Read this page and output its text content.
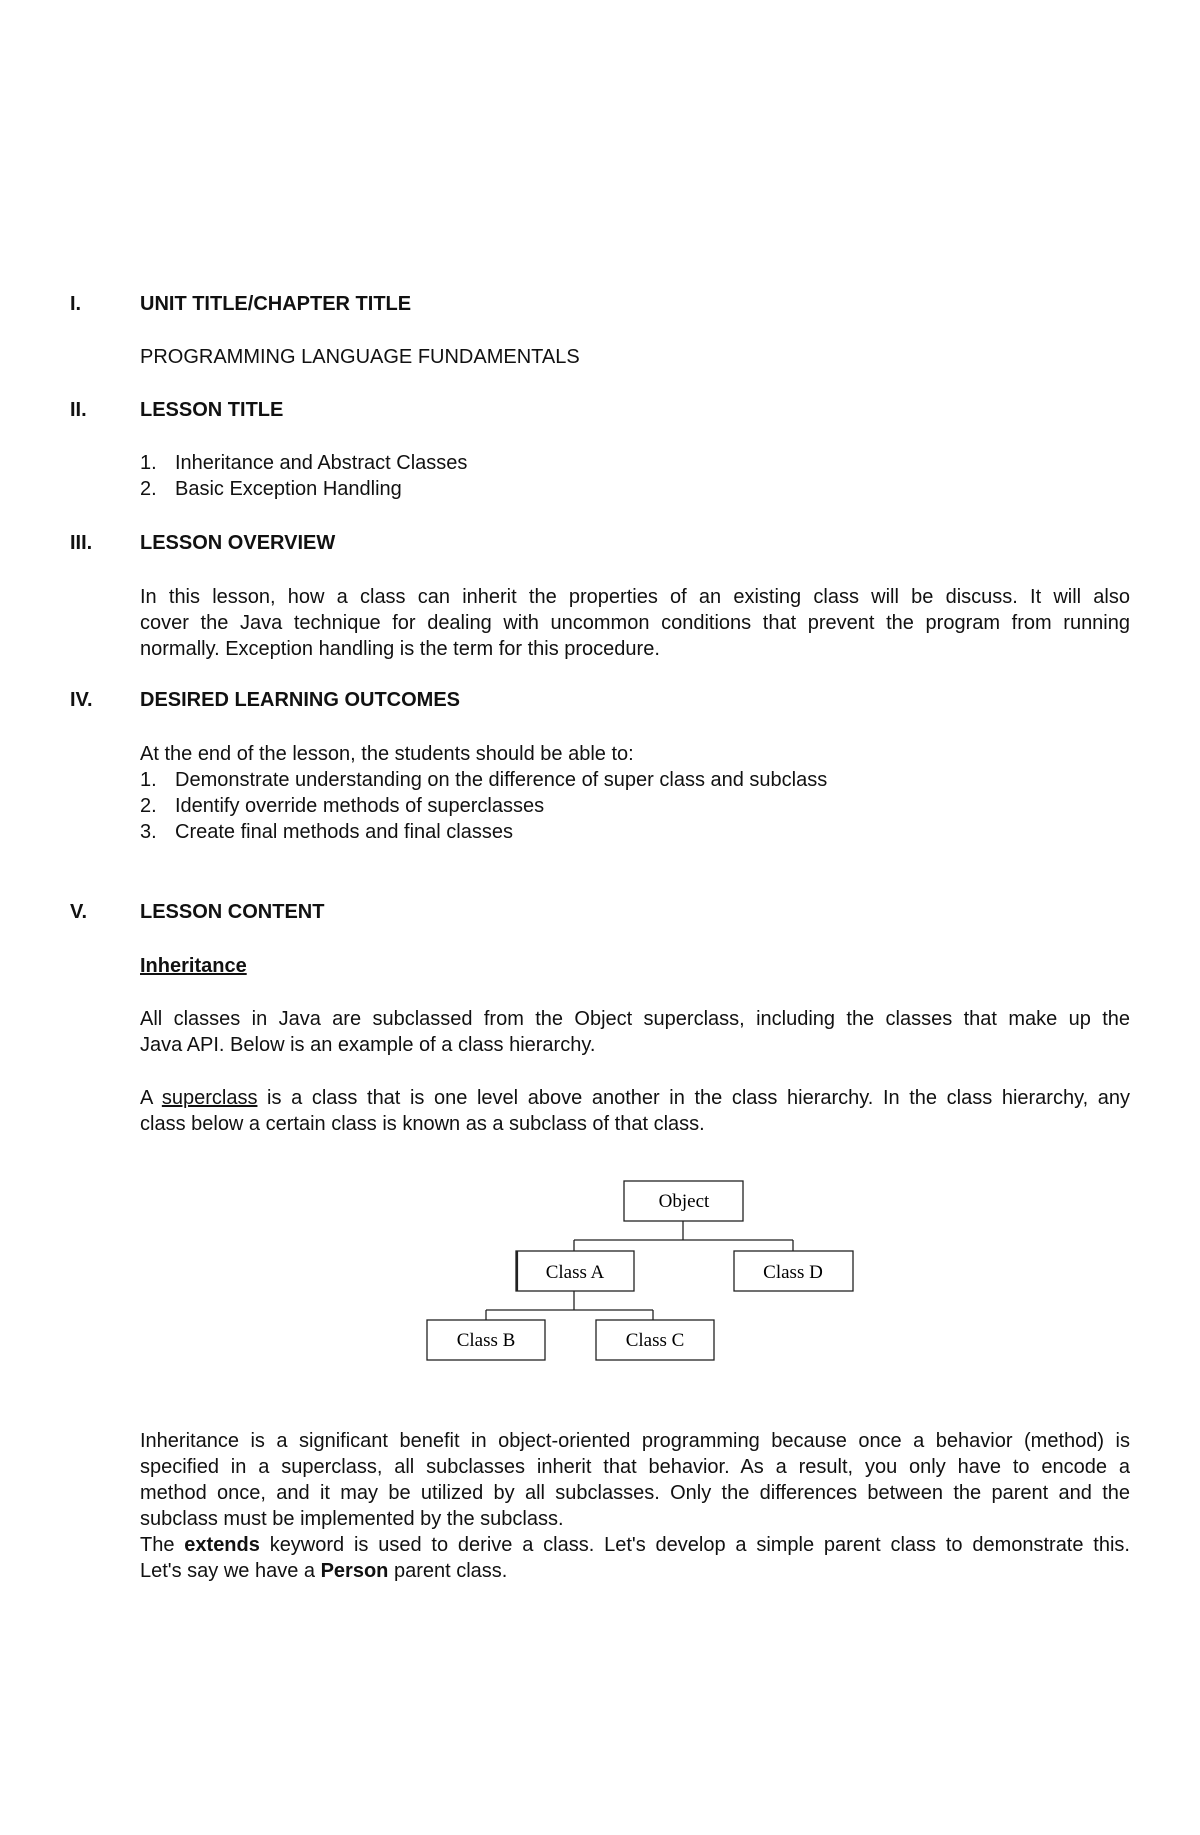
I.	UNIT TITLE/CHAPTER TITLE
PROGRAMMING LANGUAGE FUNDAMENTALS
II.	LESSON TITLE
1. Inheritance and Abstract Classes
2. Basic Exception Handling
III. LESSON OVERVIEW
In this lesson, how a class can inherit the properties of an existing class will be discuss. It will also
cover the Java technique for dealing with uncommon conditions that prevent the program from running
normally. Exception handling is the term for this procedure.
IV. DESIRED LEARNING OUTCOMES
At the end of the lesson, the students should be able to:
1. Demonstrate understanding on the difference of super class and subclass
2. Identify override methods of superclasses
3. Create final methods and final classes
V.	LESSON CONTENT
Inheritance
All classes in Java are subclassed from the Object superclass, including the classes that make up the
Java API. Below is an example of a class hierarchy.
A superclass is a class that is one level above another in the class hierarchy. In the class hierarchy, any
class below a certain class is known as a subclass of that class.
Object
Class A	Class D
Class B	Class C
Inheritance is a significant benefit in object-oriented programming because once a behavior (method) is
specified in a superclass, all subclasses inherit that behavior. As a result, you only have to encode a
method once, and it may be utilized by all subclasses. Only the differences between the parent and the
subclass must be implemented by the subclass.
The extends keyword is used to derive a class. Let's develop a simple parent class to demonstrate this.
Let's say we have a Person parent class.
